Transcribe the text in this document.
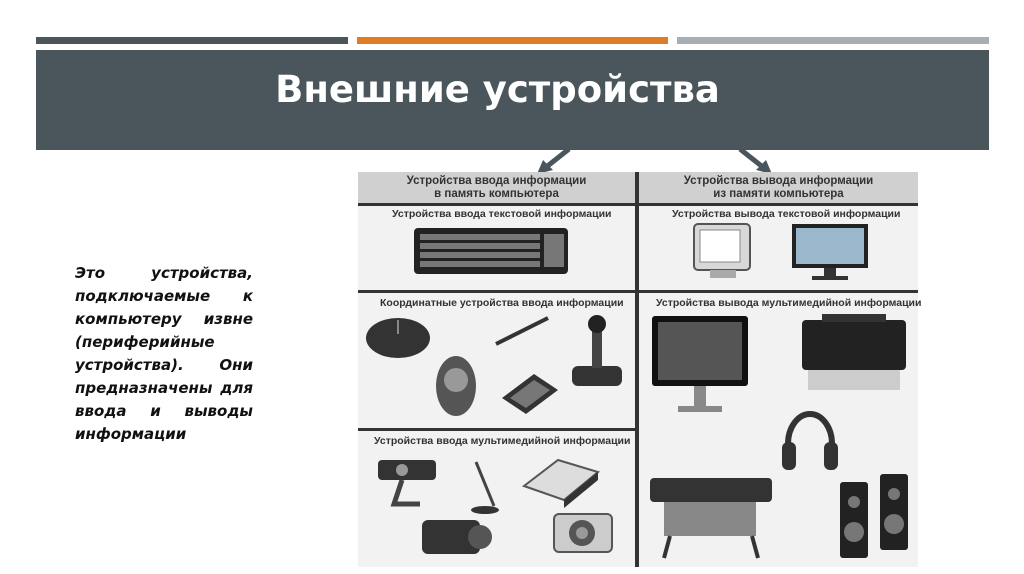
Внешние устройства

Это устройства, подключаемые к компьютеру извне (периферийные устройства). Они предназначены для ввода и выводы информации

Устройства ввода информации
в память компьютера
Устройства вывода информации
из памяти компьютера
Устройства ввода текстовой информации
Координатные устройства ввода информации
Устройства ввода мультимедийной информации
Устройства вывода текстовой информации
Устройства вывода мультимедийной информации
